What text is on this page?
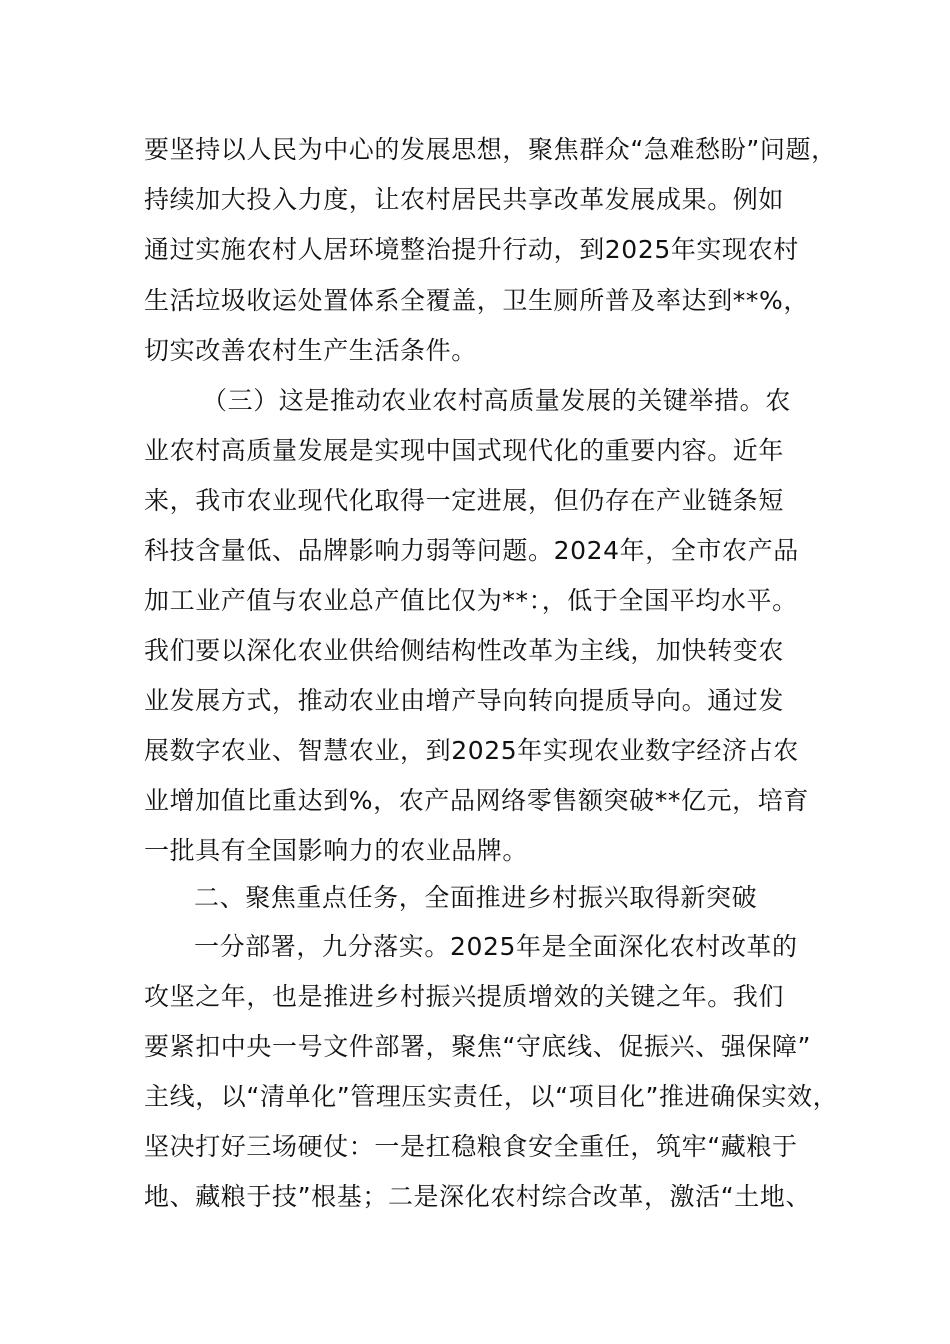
要坚持以人民为中心的发展思想，聚焦群众“急难愁盼”问题，
持续加大投入力度，让农村居民共享改革发展成果。例如
通过实施农村人居环境整治提升行动，到2025年实现农村
生活垃圾收运处置体系全覆盖，卫生厕所普及率达到**%，
切实改善农村生产生活条件。
（三）这是推动农业农村高质量发展的关键举措。农
业农村高质量发展是实现中国式现代化的重要内容。近年
来，我市农业现代化取得一定进展，但仍存在产业链条短
科技含量低、品牌影响力弱等问题。2024年，全市农产品
加工业产值与农业总产值比仅为**：，低于全国平均水平。
我们要以深化农业供给侧结构性改革为主线，加快转变农
业发展方式，推动农业由增产导向转向提质导向。通过发
展数字农业、智慧农业，到2025年实现农业数字经济占农
业增加值比重达到%，农产品网络零售额突破**亿元，培育
一批具有全国影响力的农业品牌。
二、聚焦重点任务，全面推进乡村振兴取得新突破
一分部署，九分落实。2025年是全面深化农村改革的
攻坚之年，也是推进乡村振兴提质增效的关键之年。我们
要紧扣中央一号文件部署，聚焦“守底线、促振兴、强保障”
主线，以“清单化”管理压实责任，以“项目化”推进确保实效，
坚决打好三场硬仗：一是扛稳粮食安全重任，筑牢“藏粮于
地、藏粮于技”根基；二是深化农村综合改革，激活“土地、
